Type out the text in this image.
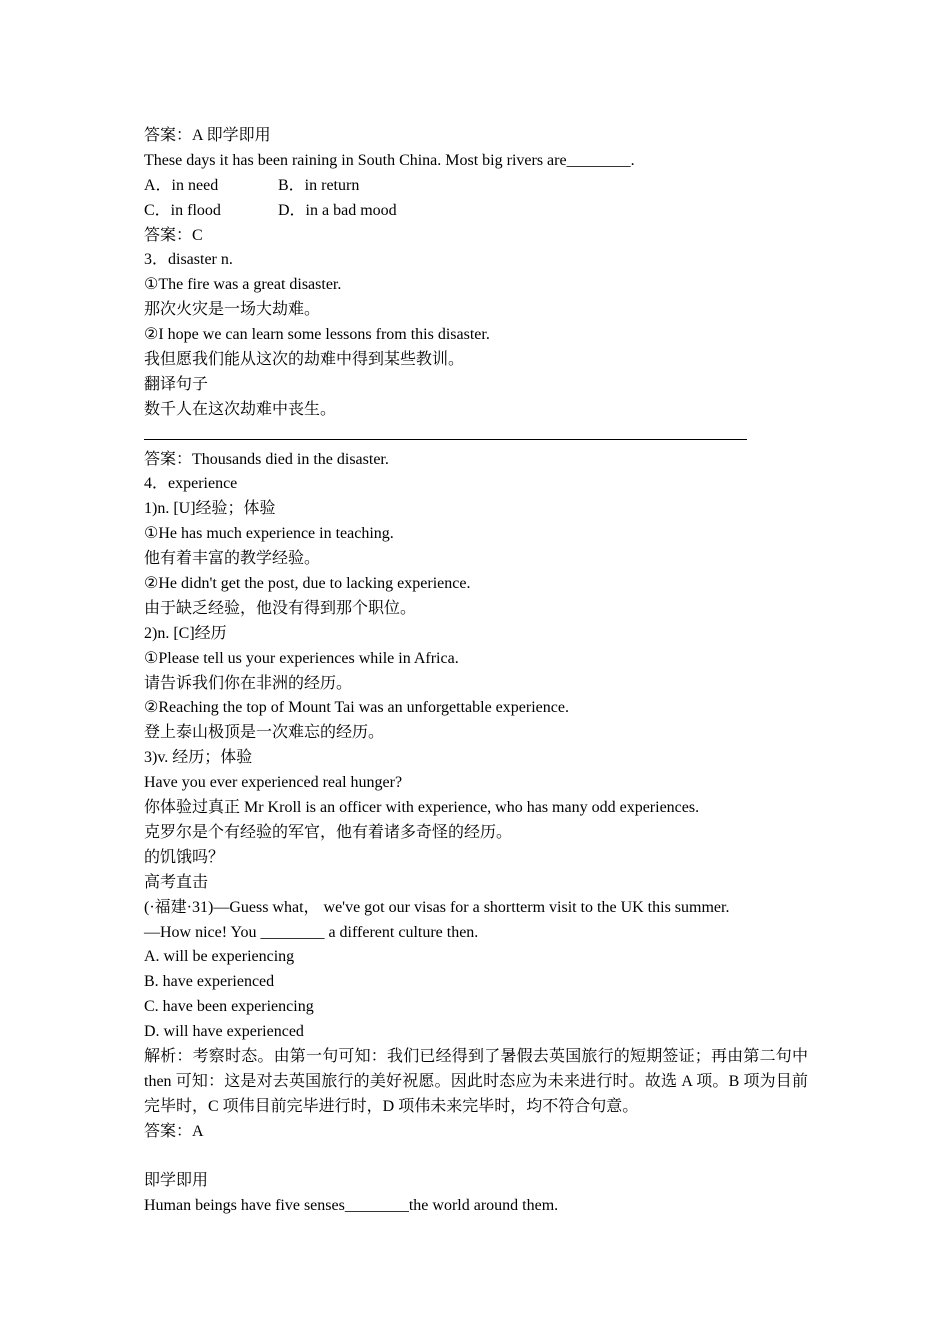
答案：A 即学即用
These days it has been raining in South China. Most big rivers are________.
A．in need	B．in return
C．in flood	D．in a bad mood
答案：C
3．disaster n.
①The fire was a great disaster.
那次火灾是一场大劫难。
②I hope we can learn some lessons from this disaster.
我但愿我们能从这次的劫难中得到某些教训。
翻译句子
数千人在这次劫难中丧生。
答案：Thousands died in the disaster.
4．experience
1)n. [U]经验；体验
①He has much experience in teaching.
他有着丰富的教学经验。
②He didn't get the post, due to lacking experience.
由于缺乏经验，他没有得到那个职位。
2)n. [C]经历
①Please tell us your experiences while in Africa.
请告诉我们你在非洲的经历。
②Reaching the top of Mount Tai was an unforgettable experience.
登上泰山极顶是一次难忘的经历。
3)v. 经历；体验
Have you ever experienced real hunger?
你体验过真正 Mr Kroll is an officer with experience, who has many odd experiences.
克罗尔是个有经验的军官，他有着诸多奇怪的经历。
的饥饿吗？
高考直击
(·福建·31)—Guess what， we've got our visas for a shortterm visit to the UK this summer.
—How nice! You ________ a different culture then.
A. will be experiencing
B. have experienced
C. have been experiencing
D. will have experienced
解析：考察时态。由第一句可知：我们已经得到了暑假去英国旅行的短期签证；再由第二句中 then 可知：这是对去英国旅行的美好祝愿。因此时态应为未来进行时。故选 A 项。B 项为目前完毕时，C 项伟目前完毕进行时，D 项伟未来完毕时，均不符合句意。
答案：A
即学即用
Human beings have five senses________the world around them.
